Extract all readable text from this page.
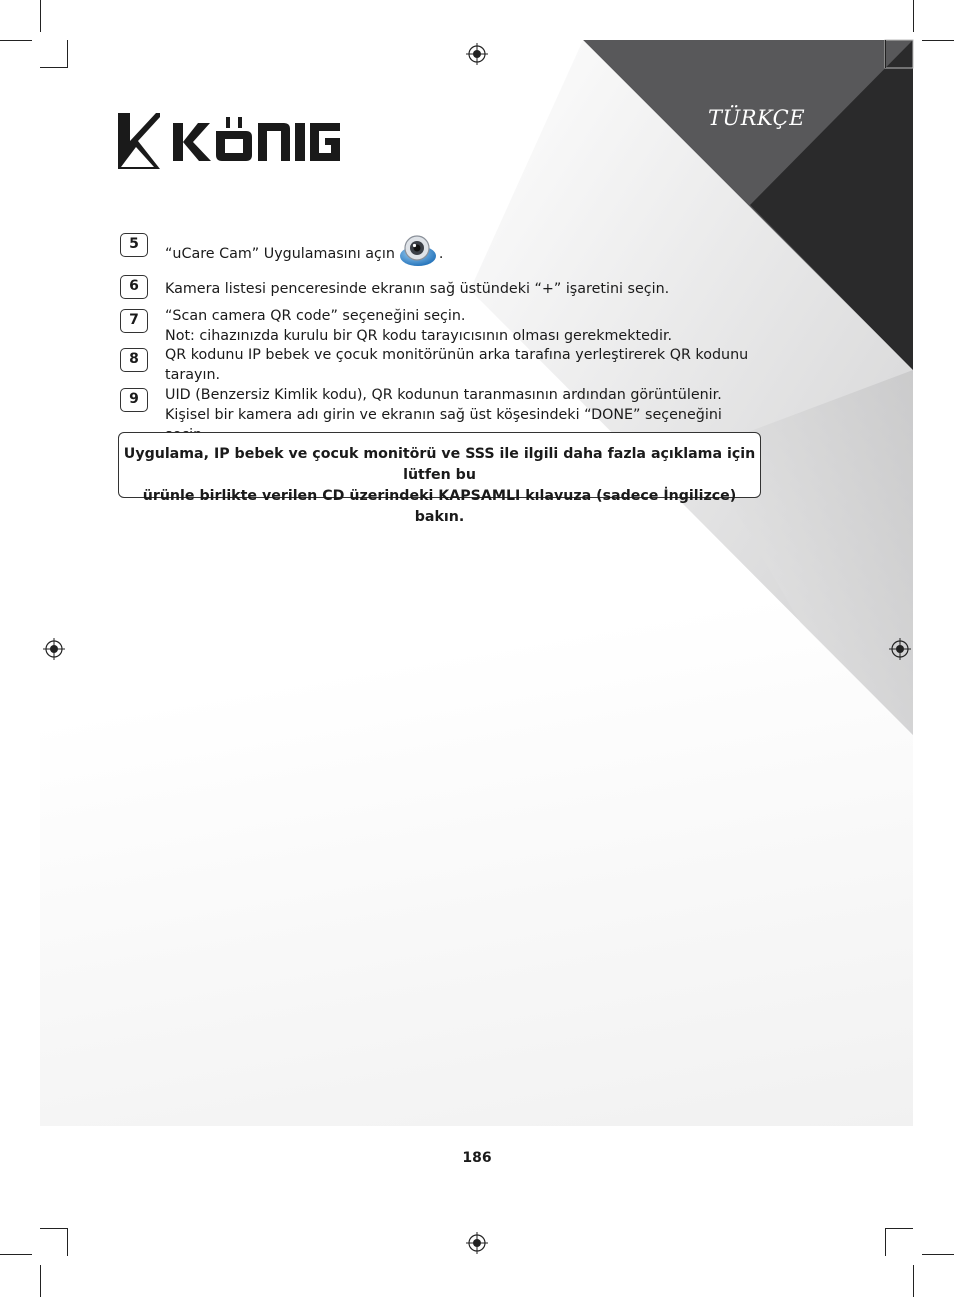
TÜRKÇE
5
“uCare Cam” Uygulamasını açın	.
6	Kamera listesi penceresinde ekranın sağ üstündeki “+” işaretini seçin.
7	“Scan camera QR code” seçeneğini seçin.
Not: cihazınızda kurulu bir QR kodu tarayıcısının olması gerekmektedir.
8	QR kodunu IP bebek ve çocuk monitörünün arka tarafına yerleştirerek QR kodunu
tarayın.
9	UID (Benzersiz Kimlik kodu), QR kodunun taranmasının ardından görüntülenir.
Kişisel bir kamera adı girin ve ekranın sağ üst köşesindeki “DONE” seçeneğini
Uygulama, IP bebek ve çocuk monitörü ve SSS ile ilgili daha fazla açıklama için lütfen bu
ürünle birlikte verilen CD üzerindeki KAPSAMLI kılavuza (sadece İngilizce) bakın.
186
